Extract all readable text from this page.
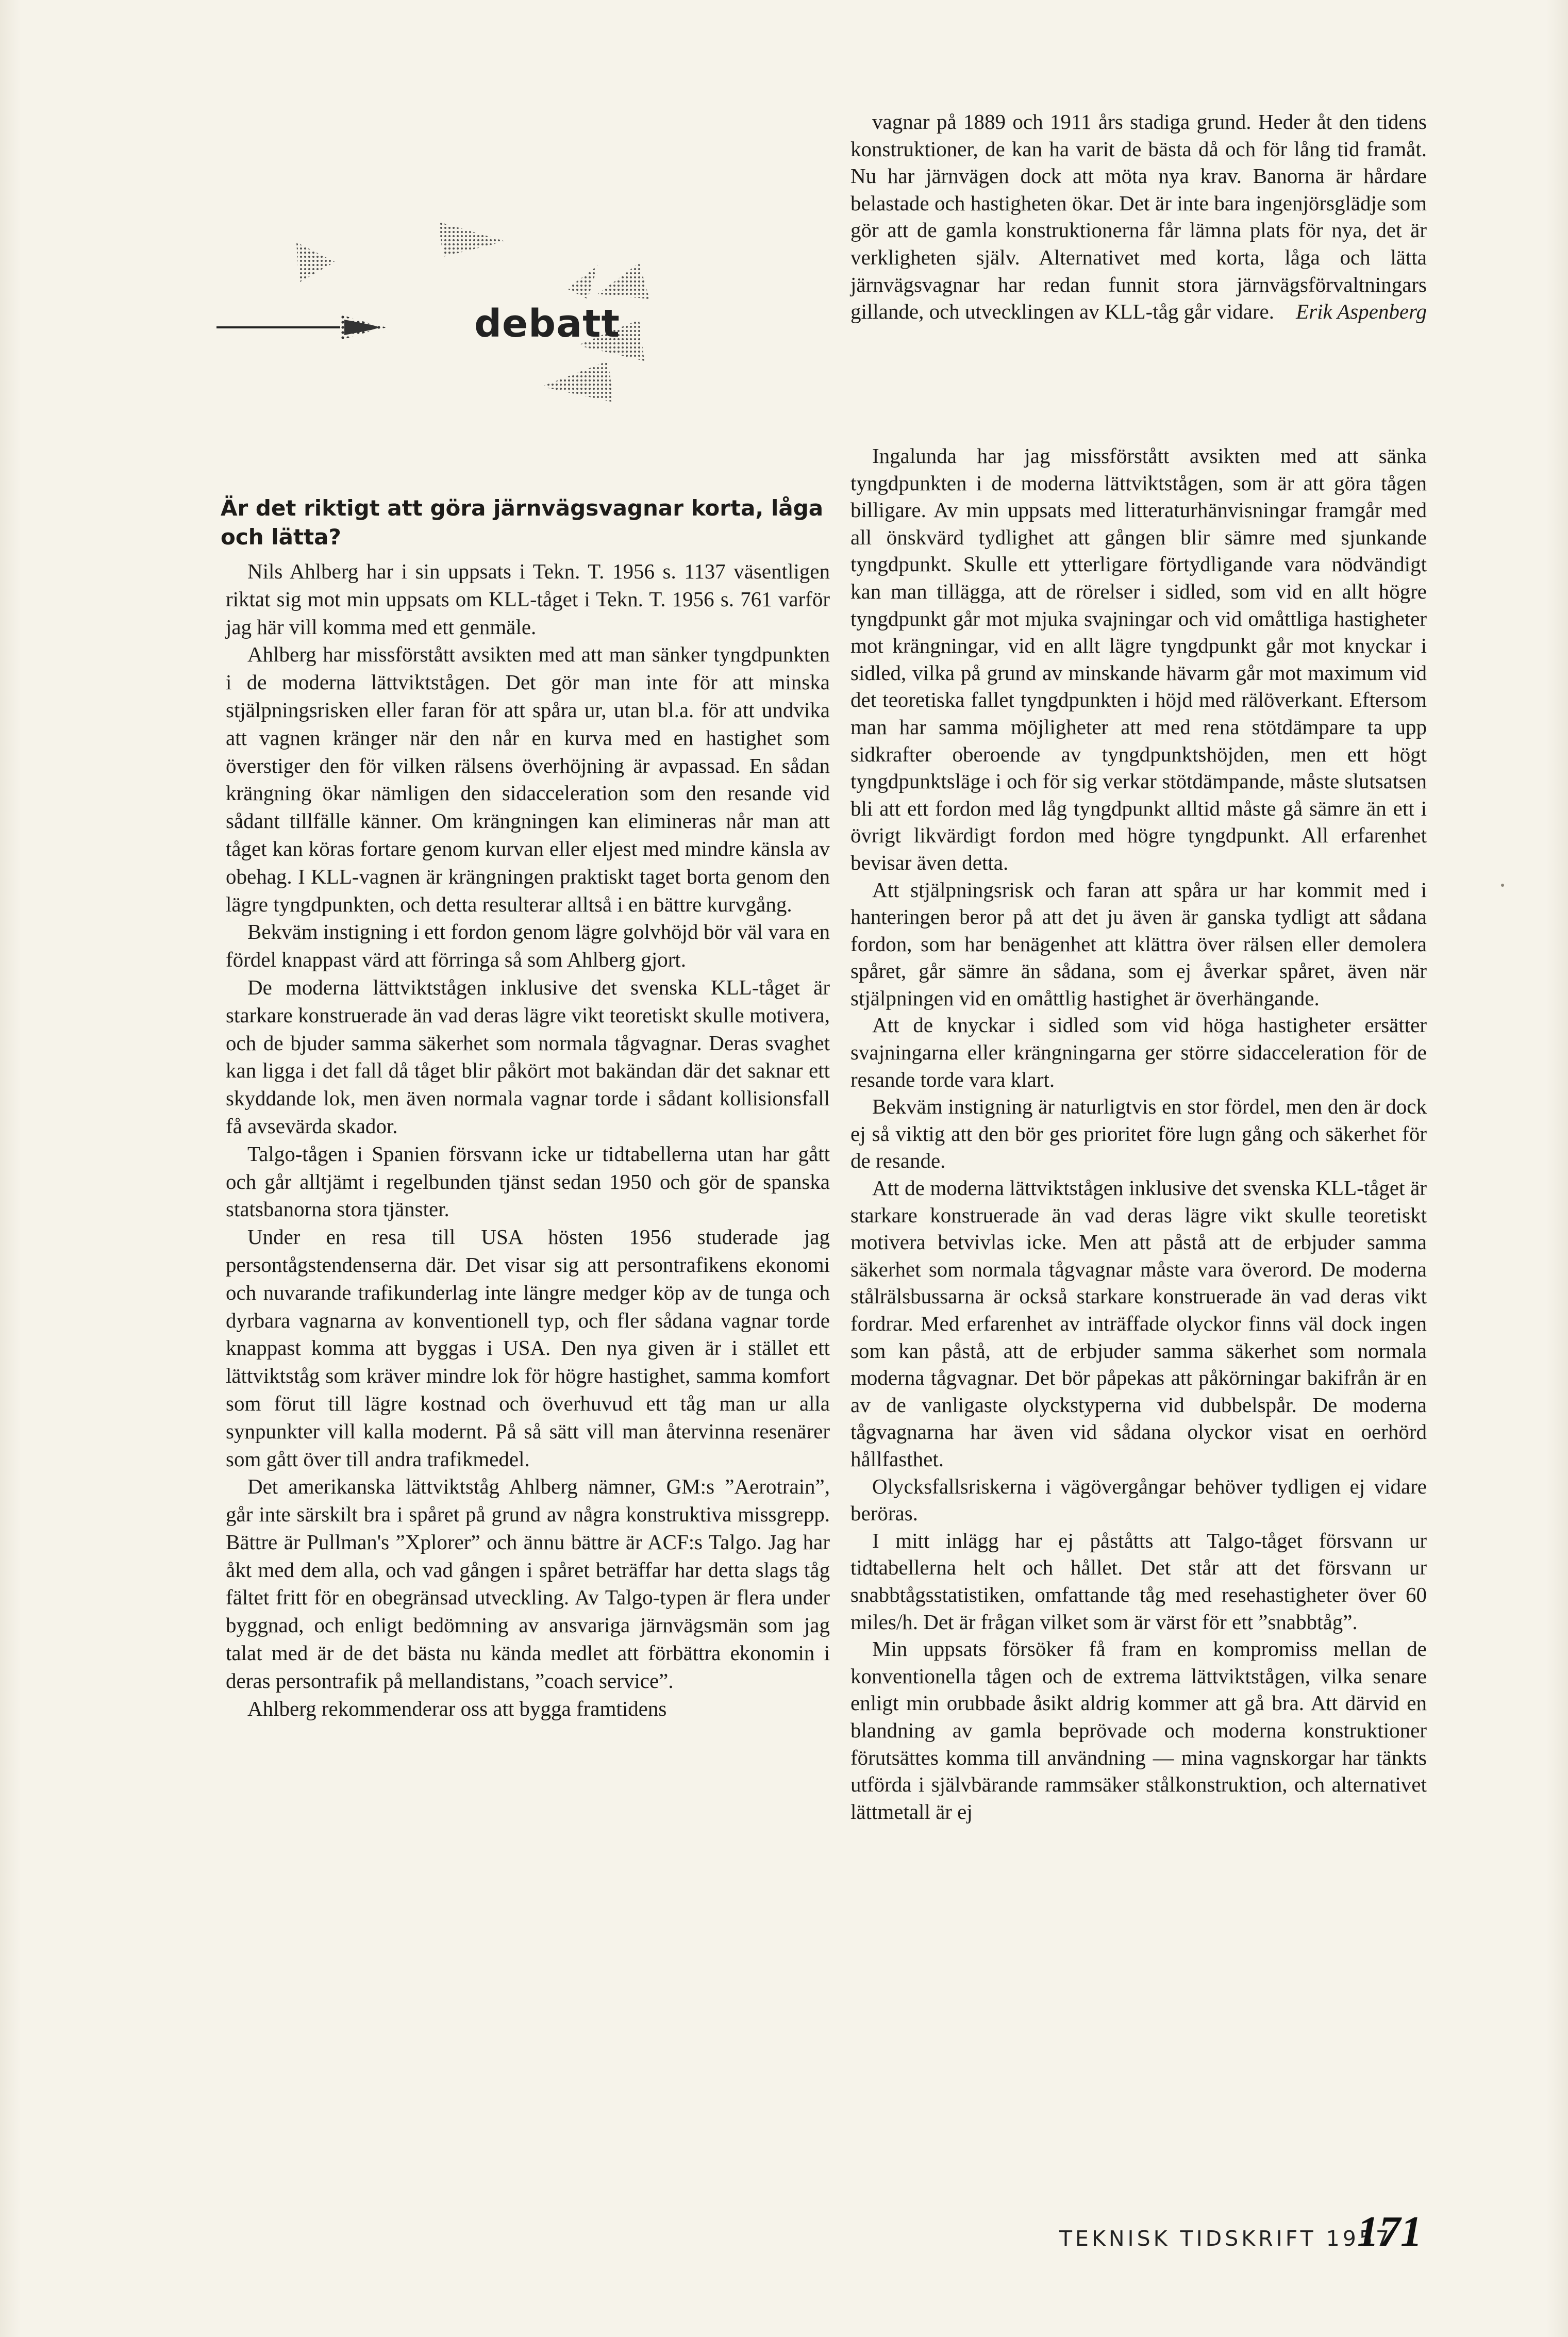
debatt

vagnar på 1889 och 1911 års stadiga grund. Heder åt den tidens konstruktioner, de kan ha varit de bästa då och för lång tid framåt. Nu har järnvägen dock att möta nya krav. Banorna är hårdare belastade och hastigheten ökar. Det är inte bara ingenjörsglädje som gör att de gamla konstruktionerna får lämna plats för nya, det är verkligheten själv. Alternativet med korta, låga och lätta järnvägsvagnar har redan funnit stora järnvägsförvaltningars gillande, och utvecklingen av KLL-tåg går vidare. Erik Aspenberg

Är det riktigt att göra järnvägsvagnar korta, låga och lätta?

Nils Ahlberg har i sin uppsats i Tekn. T. 1956 s. 1137 väsentligen riktat sig mot min uppsats om KLL-tåget i Tekn. T. 1956 s. 761 varför jag här vill komma med ett genmäle.

Ahlberg har missförstått avsikten med att man sänker tyngdpunkten i de moderna lättviktstågen. Det gör man inte för att minska stjälpningsrisken eller faran för att spåra ur, utan bl.a. för att undvika att vagnen kränger när den når en kurva med en hastighet som överstiger den för vilken rälsens överhöjning är avpassad. En sådan krängning ökar nämligen den sidacceleration som den resande vid sådant tillfälle känner. Om krängningen kan elimineras når man att tåget kan köras fortare genom kurvan eller eljest med mindre känsla av obehag. I KLL-vagnen är krängningen praktiskt taget borta genom den lägre tyngdpunkten, och detta resulterar alltså i en bättre kurvgång.

Bekväm instigning i ett fordon genom lägre golvhöjd bör väl vara en fördel knappast värd att förringa så som Ahlberg gjort.

De moderna lättviktstågen inklusive det svenska KLL-tåget är starkare konstruerade än vad deras lägre vikt teoretiskt skulle motivera, och de bjuder samma säkerhet som normala tågvagnar. Deras svaghet kan ligga i det fall då tåget blir påkört mot bakändan där det saknar ett skyddande lok, men även normala vagnar torde i sådant kollisionsfall få avsevärda skador.

Talgo-tågen i Spanien försvann icke ur tidtabellerna utan har gått och går alltjämt i regelbunden tjänst sedan 1950 och gör de spanska statsbanorna stora tjänster.

Under en resa till USA hösten 1956 studerade jag persontågstendenserna där. Det visar sig att persontrafikens ekonomi och nuvarande trafikunderlag inte längre medger köp av de tunga och dyrbara vagnarna av konventionell typ, och fler sådana vagnar torde knappast komma att byggas i USA. Den nya given är i stället ett lättviktståg som kräver mindre lok för högre hastighet, samma komfort som förut till lägre kostnad och överhuvud ett tåg man ur alla synpunkter vill kalla modernt. På så sätt vill man återvinna resenärer som gått över till andra trafikmedel.

Det amerikanska lättviktståg Ahlberg nämner, GM:s ”Aerotrain”, går inte särskilt bra i spåret på grund av några konstruktiva missgrepp. Bättre är Pullman's ”Xplorer” och ännu bättre är ACF:s Talgo. Jag har åkt med dem alla, och vad gången i spåret beträffar har detta slags tåg fältet fritt för en obegränsad utveckling. Av Talgo-typen är flera under byggnad, och enligt bedömning av ansvariga järnvägsmän som jag talat med är de det bästa nu kända medlet att förbättra ekonomin i deras persontrafik på mellandistans, ”coach service”.

Ahlberg rekommenderar oss att bygga framtidens

Ingalunda har jag missförstått avsikten med att sänka tyngdpunkten i de moderna lättviktstågen, som är att göra tågen billigare. Av min uppsats med litteraturhänvisningar framgår med all önskvärd tydlighet att gången blir sämre med sjunkande tyngdpunkt. Skulle ett ytterligare förtydligande vara nödvändigt kan man tillägga, att de rörelser i sidled, som vid en allt högre tyngdpunkt går mot mjuka svajningar och vid omåttliga hastigheter mot krängningar, vid en allt lägre tyngdpunkt går mot knyckar i sidled, vilka på grund av minskande hävarm går mot maximum vid det teoretiska fallet tyngdpunkten i höjd med rälöverkant. Eftersom man har samma möjligheter att med rena stötdämpare ta upp sidkrafter oberoende av tyngdpunktshöjden, men ett högt tyngdpunktsläge i och för sig verkar stötdämpande, måste slutsatsen bli att ett fordon med låg tyngdpunkt alltid måste gå sämre än ett i övrigt likvärdigt fordon med högre tyngdpunkt. All erfarenhet bevisar även detta.

Att stjälpningsrisk och faran att spåra ur har kommit med i hanteringen beror på att det ju även är ganska tydligt att sådana fordon, som har benägenhet att klättra över rälsen eller demolera spåret, går sämre än sådana, som ej åverkar spåret, även när stjälpningen vid en omåttlig hastighet är överhängande.

Att de knyckar i sidled som vid höga hastigheter ersätter svajningarna eller krängningarna ger större sidacceleration för de resande torde vara klart.

Bekväm instigning är naturligtvis en stor fördel, men den är dock ej så viktig att den bör ges prioritet före lugn gång och säkerhet för de resande.

Att de moderna lättviktstågen inklusive det svenska KLL-tåget är starkare konstruerade än vad deras lägre vikt skulle teoretiskt motivera betvivlas icke. Men att påstå att de erbjuder samma säkerhet som normala tågvagnar måste vara överord. De moderna stålrälsbussarna är också starkare konstruerade än vad deras vikt fordrar. Med erfarenhet av inträffade olyckor finns väl dock ingen som kan påstå, att de erbjuder samma säkerhet som normala moderna tågvagnar. Det bör påpekas att påkörningar bakifrån är en av de vanligaste olyckstyperna vid dubbelspår. De moderna tågvagnarna har även vid sådana olyckor visat en oerhörd hållfasthet.

Olycksfallsriskerna i vägövergångar behöver tydligen ej vidare beröras.

I mitt inlägg har ej påståtts att Talgo-tåget försvann ur tidtabellerna helt och hållet. Det står att det försvann ur snabbtågsstatistiken, omfattande tåg med resehastigheter över 60 miles/h. Det är frågan vilket som är värst för ett ”snabbtåg”.

Min uppsats försöker få fram en kompromiss mellan de konventionella tågen och de extrema lättviktstågen, vilka senare enligt min orubbade åsikt aldrig kommer att gå bra. Att därvid en blandning av gamla beprövade och moderna konstruktioner förutsättes komma till användning — mina vagnskorgar har tänkts utförda i självbärande rammsäker stålkonstruktion, och alternativet lättmetall är ej

TEKNISK TIDSKRIFT 1957
171
